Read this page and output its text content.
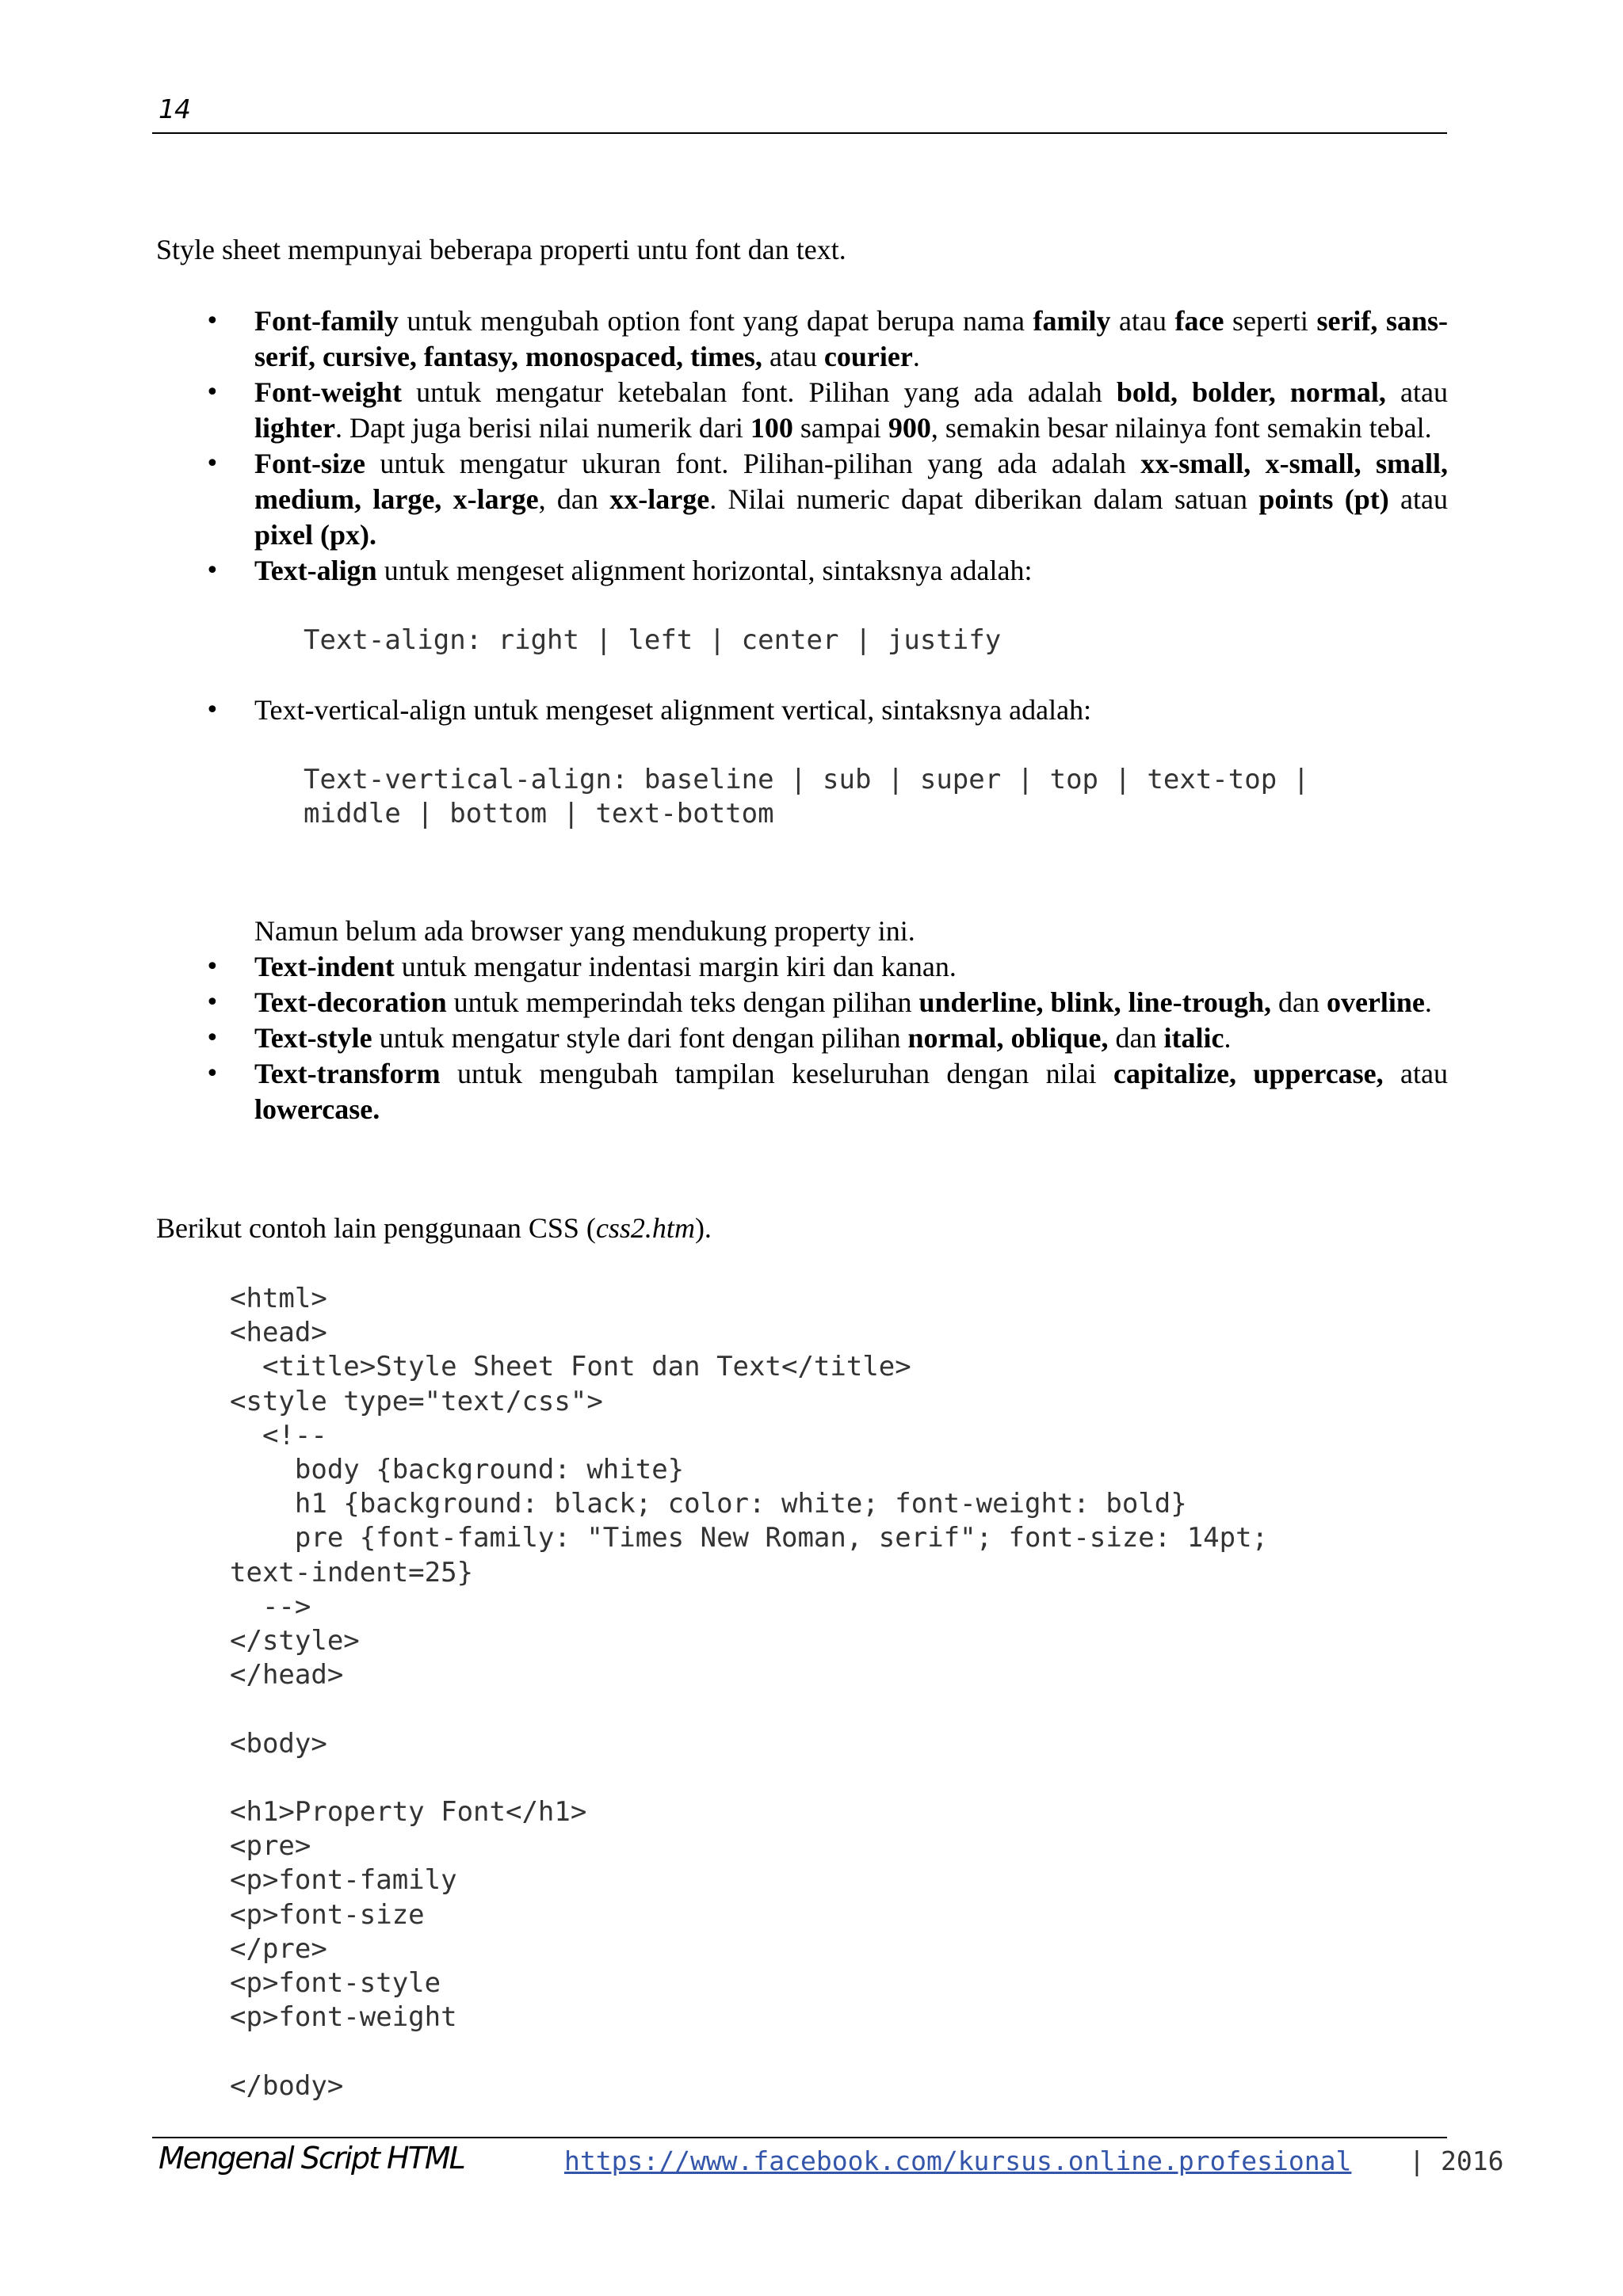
14

Style sheet mempunyai beberapa properti untu font dan text.

• Font-family untuk mengubah option font yang dapat berupa nama family atau face seperti serif, sans-serif, cursive, fantasy, monospaced, times, atau courier.
• Font-weight untuk mengatur ketebalan font. Pilihan yang ada adalah bold, bolder, normal, atau lighter. Dapt juga berisi nilai numerik dari 100 sampai 900, semakin besar nilainya font semakin tebal.
• Font-size untuk mengatur ukuran font. Pilihan-pilihan yang ada adalah xx-small, x-small, small, medium, large, x-large, dan xx-large. Nilai numeric dapat diberikan dalam satuan points (pt) atau pixel (px).
• Text-align untuk mengeset alignment horizontal, sintaksnya adalah:
Text-align: right | left | center | justify
• Text-vertical-align untuk mengeset alignment vertical, sintaksnya adalah:
Text-vertical-align: baseline | sub | super | top | text-top |
middle | bottom | text-bottom

Namun belum ada browser yang mendukung property ini.

• Text-indent untuk mengatur indentasi margin kiri dan kanan.
• Text-decoration untuk memperindah teks dengan pilihan underline, blink, line-trough, dan overline.
• Text-style untuk mengatur style dari font dengan pilihan normal, oblique, dan italic.
• Text-transform untuk mengubah tampilan keseluruhan dengan nilai capitalize, uppercase, atau lowercase.

Berikut contoh lain penggunaan CSS (css2.htm).

<html>
<head>
<title>Style Sheet Font dan Text</title>
<style type="text/css">
<!--
body {background: white}
h1 {background: black; color: white; font-weight: bold}
pre {font-family: "Times New Roman, serif"; font-size: 14pt;
text-indent=25}
-->
</style>
</head>

<body>

<h1>Property Font</h1>
<pre>
<p>font-family
<p>font-size
</pre>
<p>font-style
<p>font-weight

</body>
Mengenal Script HTML	https://www.facebook.com/kursus.online.profesional | 2016
